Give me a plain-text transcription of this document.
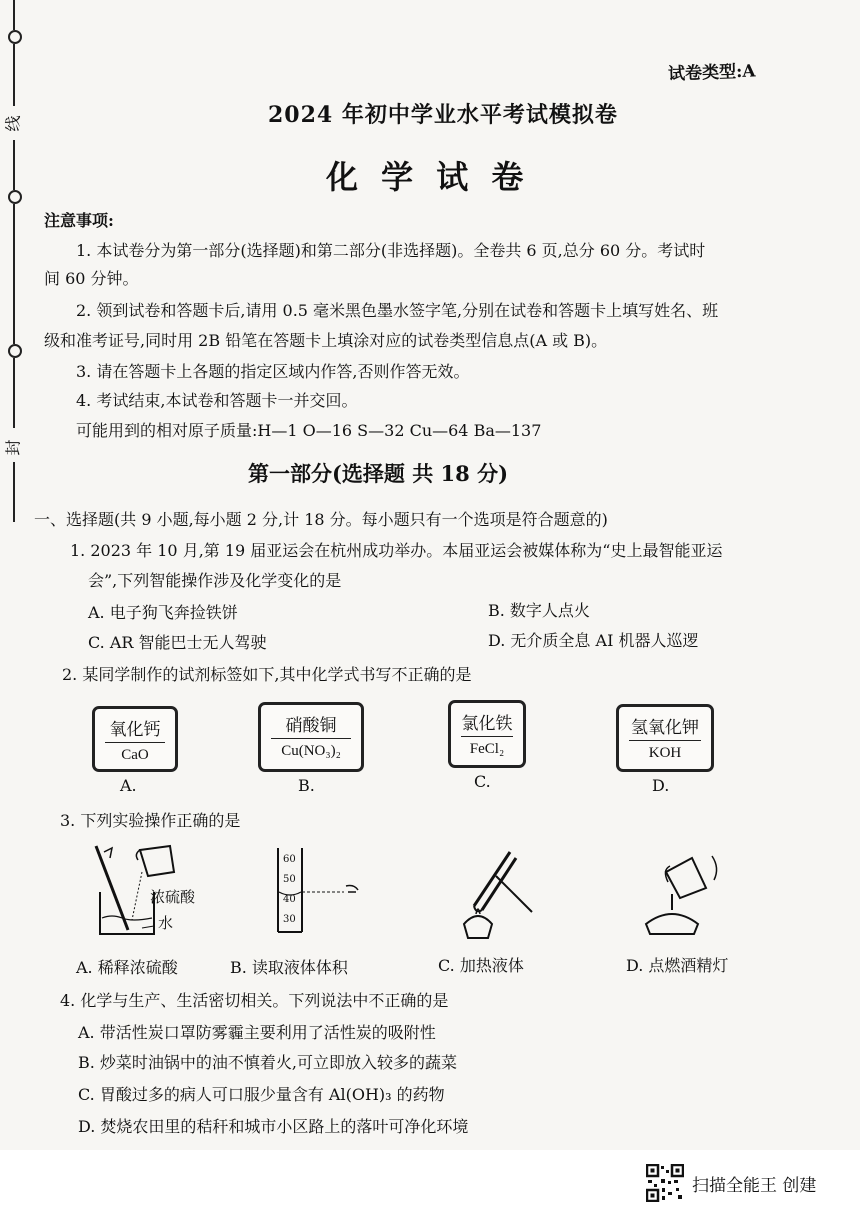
线
封
试卷类型:A
2024 年初中学业水平考试模拟卷
化 学 试 卷
注意事项:
1. 本试卷分为第一部分(选择题)和第二部分(非选择题)。全卷共 6 页,总分 60 分。考试时
间 60 分钟。
2. 领到试卷和答题卡后,请用 0.5 毫米黑色墨水签字笔,分别在试卷和答题卡上填写姓名、班
级和准考证号,同时用 2B 铅笔在答题卡上填涂对应的试卷类型信息点(A 或 B)。
3. 请在答题卡上各题的指定区域内作答,否则作答无效。
4. 考试结束,本试卷和答题卡一并交回。
可能用到的相对原子质量:H—1 O—16 S—32 Cu—64 Ba—137
第一部分(选择题 共 18 分)
一、选择题(共 9 小题,每小题 2 分,计 18 分。每小题只有一个选项是符合题意的)
1. 2023 年 10 月,第 19 届亚运会在杭州成功举办。本届亚运会被媒体称为“史上最智能亚运
会”,下列智能操作涉及化学变化的是
A. 电子狗飞奔捡铁饼	B. 数字人点火
C. AR 智能巴士无人驾驶	D. 无介质全息 AI 机器人巡逻
2. 某同学制作的试剂标签如下,其中化学式书写不正确的是
氧化钙
CaO
A.
硝酸铜
Cu(NO₃)₂
B.
氯化铁
FeCl₂
C.
氢氧化钾
KOH
D.
3. 下列实验操作正确的是
浓硫酸
水
60
50
40
30
A. 稀释浓硫酸	B. 读取液体体积	C. 加热液体	D. 点燃酒精灯
4. 化学与生产、生活密切相关。下列说法中不正确的是
A. 带活性炭口罩防雾霾主要利用了活性炭的吸附性
B. 炒菜时油锅中的油不慎着火,可立即放入较多的蔬菜
C. 胃酸过多的病人可口服少量含有 Al(OH)₃ 的药物
D. 焚烧农田里的秸秆和城市小区路上的落叶可净化环境
扫描全能王 创建
